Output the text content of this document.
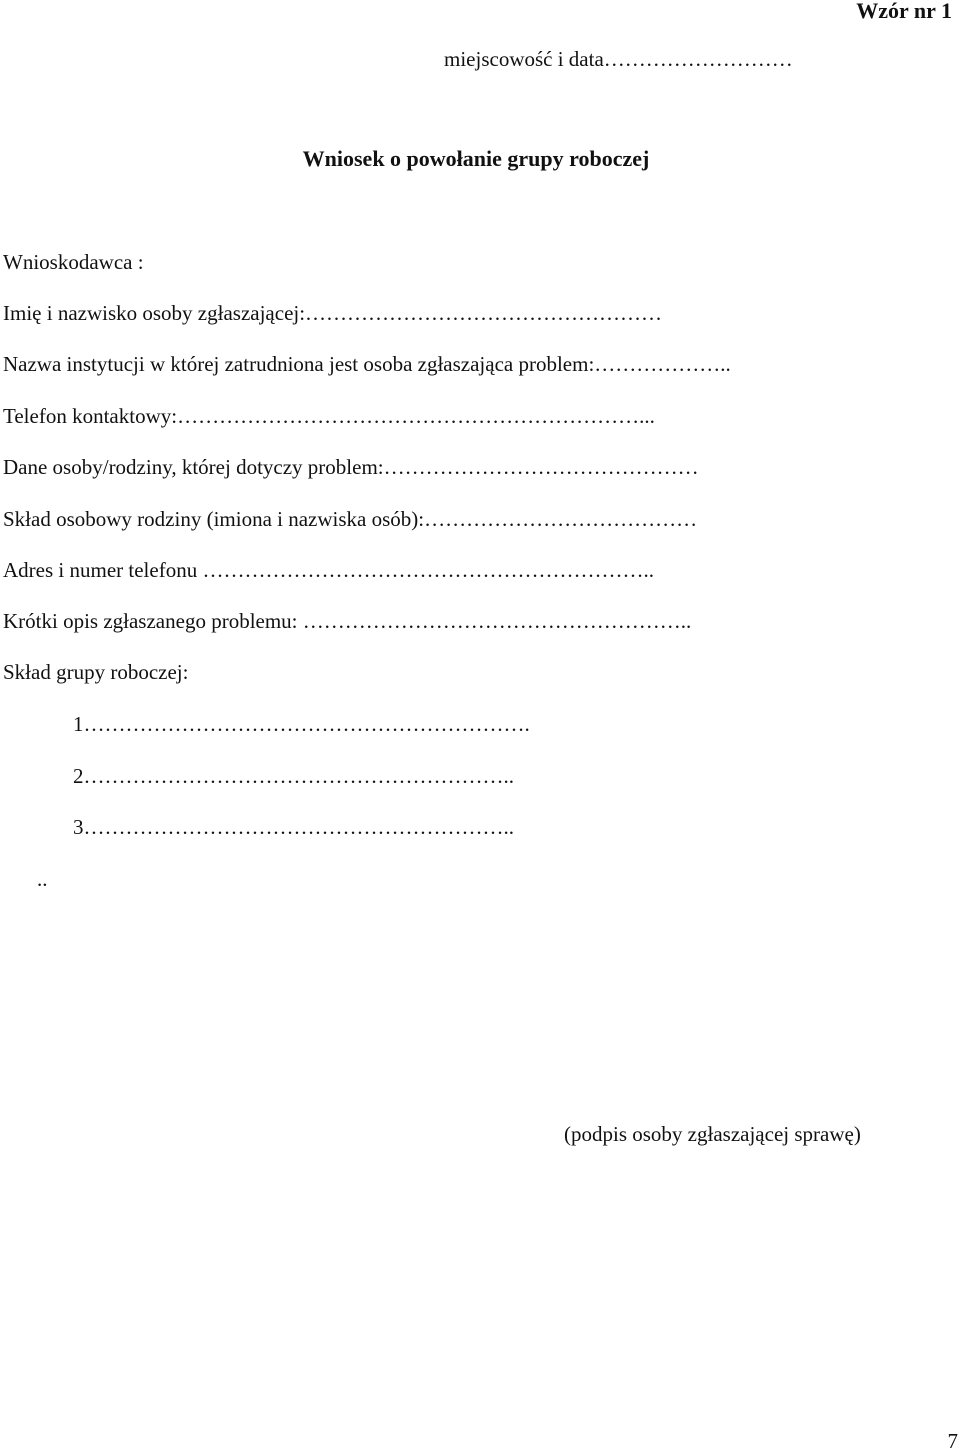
Wzór nr 1
miejscowość i data………………………
Wniosek o powołanie grupy roboczej
Wnioskodawca :
Imię i nazwisko osoby zgłaszającej:……………………………………………
Nazwa instytucji w której zatrudniona jest osoba zgłaszająca problem:………………..
Telefon kontaktowy:…………………………………………………………...
Dane osoby/rodziny, której dotyczy problem:………………………………………
Skład osobowy rodziny (imiona i nazwiska osób):…………………………………
Adres i numer telefonu ………………………………………………………..
Krótki opis zgłaszanego problemu: ………………………………………………..
Skład grupy roboczej:
1……………………………………………………….
2……………………………………………………..
3……………………………………………………..
..
(podpis osoby zgłaszającej sprawę)
7
